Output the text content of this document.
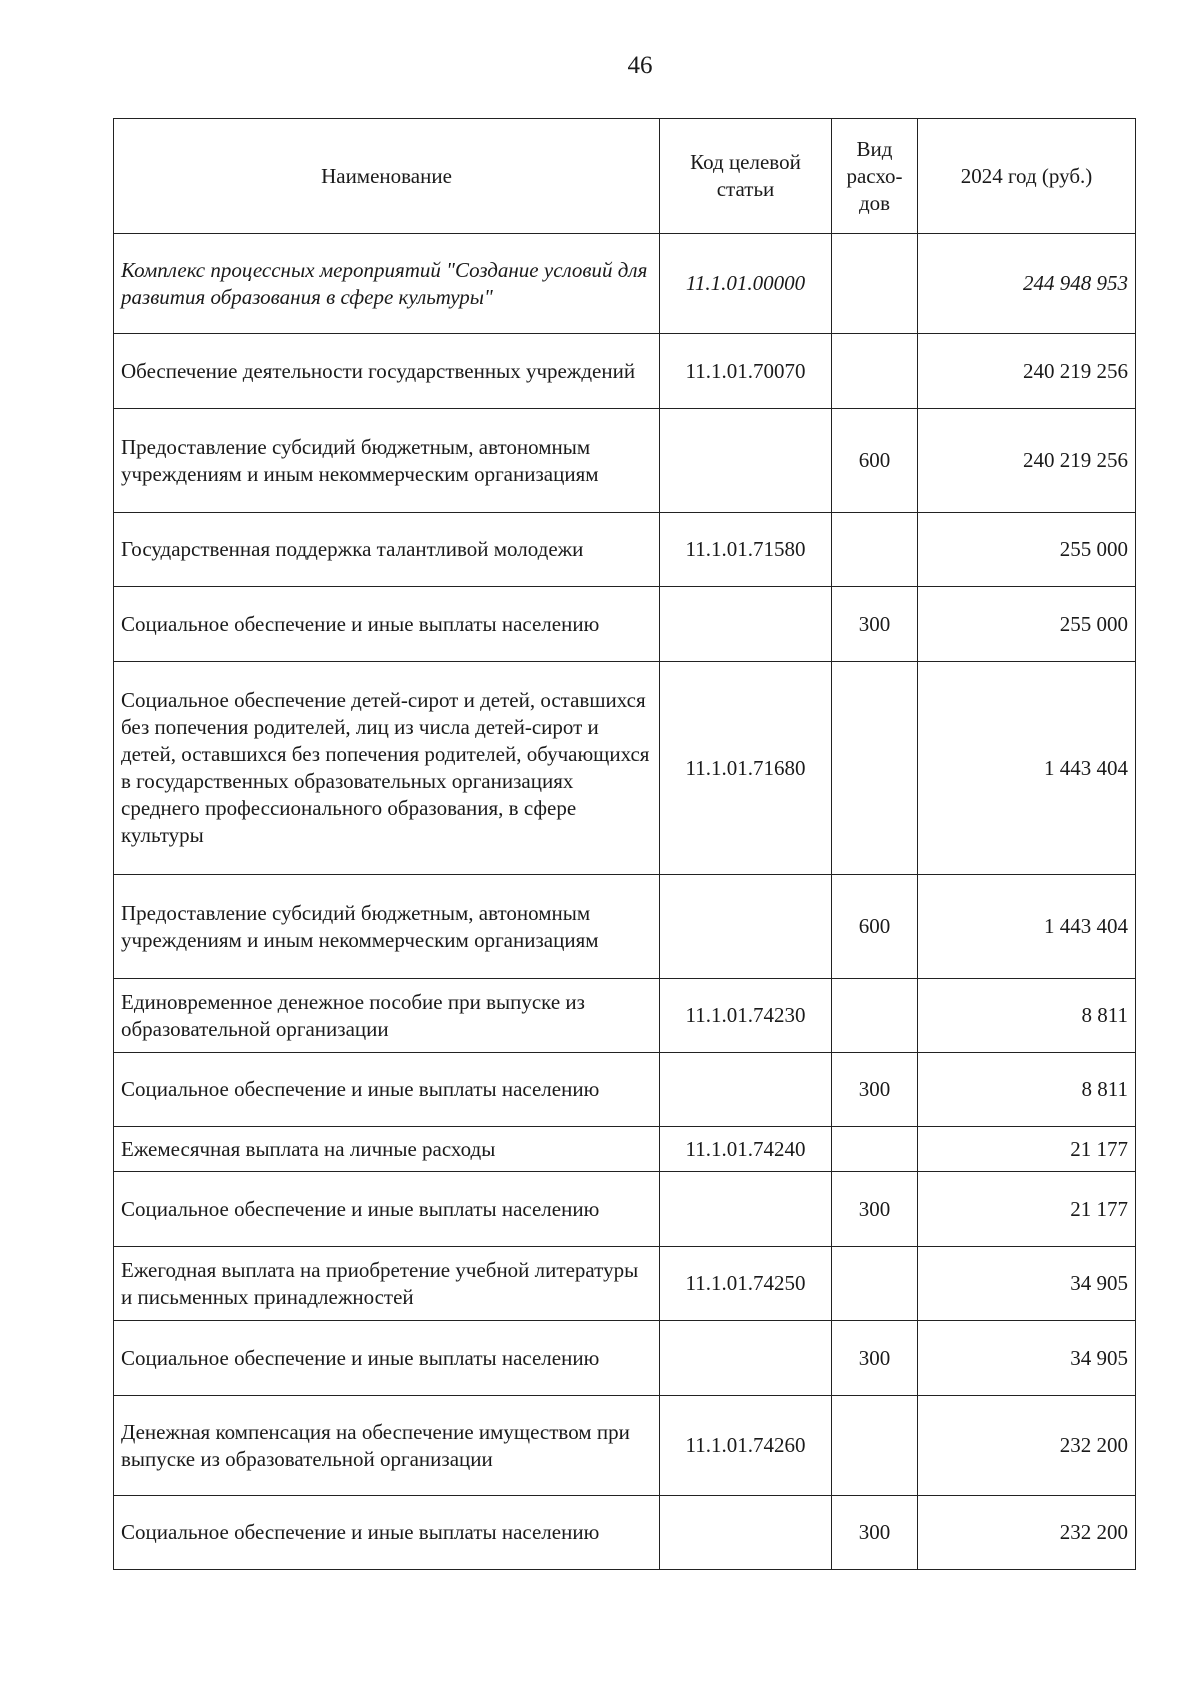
46
Наименование	Код целевой статьи	Вид расхо-дов	2024 год (руб.)
Комплекс процессных мероприятий "Создание условий для развития образования в сфере культуры"	11.1.01.00000		244 948 953
Обеспечение деятельности государственных учреждений	11.1.01.70070		240 219 256
Предоставление субсидий бюджетным, автономным учреждениям и иным некоммерческим организациям		600	240 219 256
Государственная поддержка талантливой молодежи	11.1.01.71580		255 000
Социальное обеспечение и иные выплаты населению		300	255 000
Социальное обеспечение детей-сирот и детей, оставшихся без попечения родителей, лиц из числа детей-сирот и детей, оставшихся без попечения родителей, обучающихся в государственных образовательных организациях среднего профессионального образования, в сфере культуры	11.1.01.71680		1 443 404
Предоставление субсидий бюджетным, автономным учреждениям и иным некоммерческим организациям		600	1 443 404
Единовременное денежное пособие при выпуске из образовательной организации	11.1.01.74230		8 811
Социальное обеспечение и иные выплаты населению		300	8 811
Ежемесячная выплата на личные расходы	11.1.01.74240		21 177
Социальное обеспечение и иные выплаты населению		300	21 177
Ежегодная выплата на приобретение учебной литературы и письменных принадлежностей	11.1.01.74250		34 905
Социальное обеспечение и иные выплаты населению		300	34 905
Денежная компенсация на обеспечение имуществом при выпуске из образовательной организации	11.1.01.74260		232 200
Социальное обеспечение и иные выплаты населению		300	232 200
